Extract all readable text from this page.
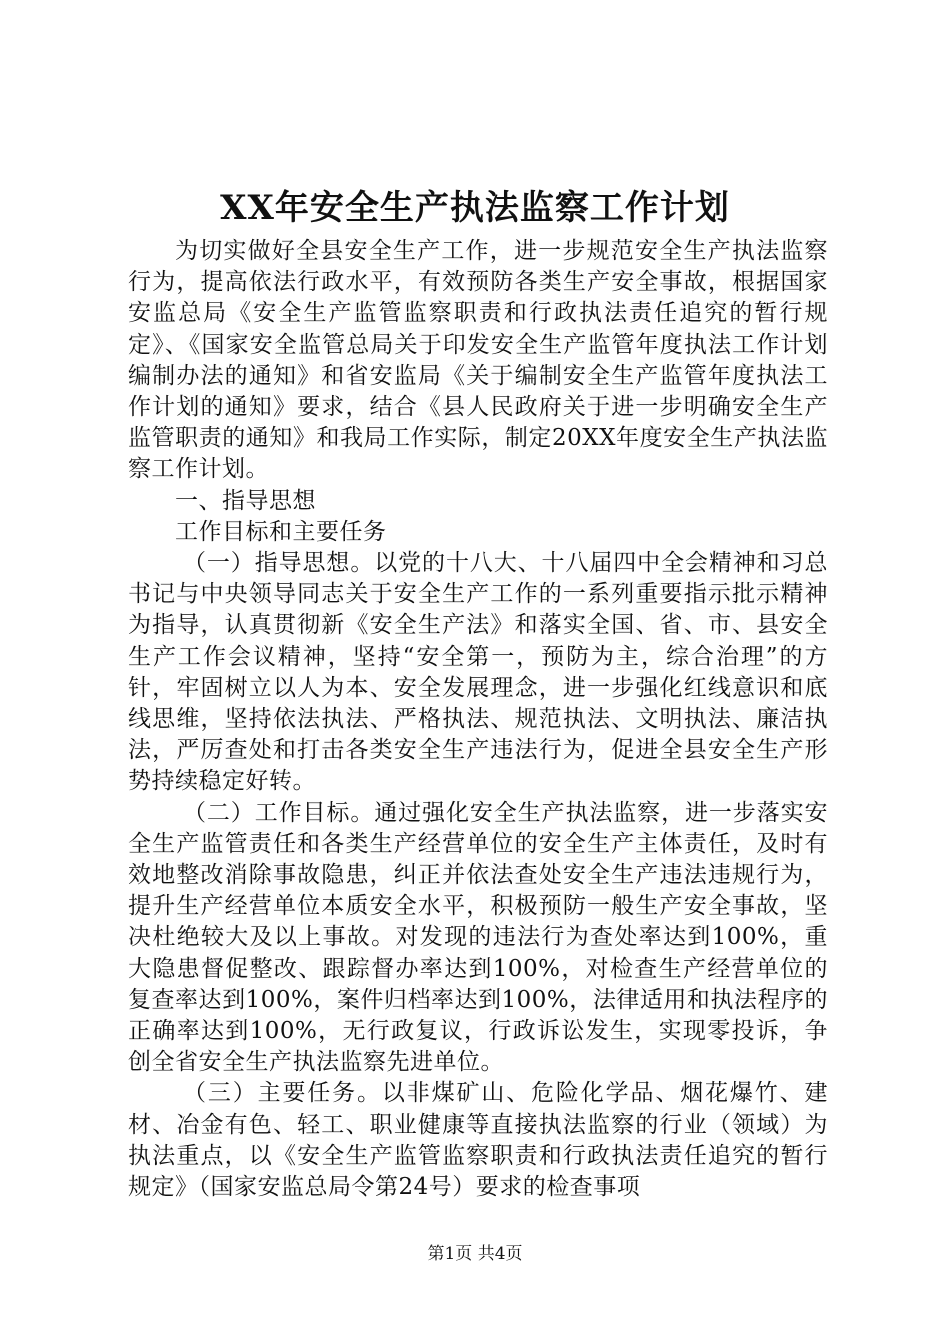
XX年安全生产执法监察工作计划

为切实做好全县安全生产工作，进一步规范安全生产执法监察行为，提高依法行政水平，有效预防各类生产安全事故，根据国家安监总局《安全生产监管监察职责和行政执法责任追究的暂行规定》、《国家安全监管总局关于印发安全生产监管年度执法工作计划编制办法的通知》和省安监局《关于编制安全生产监管年度执法工作计划的通知》要求，结合《县人民政府关于进一步明确安全生产监管职责的通知》和我局工作实际，制定20XX年度安全生产执法监察工作计划。

一、指导思想

工作目标和主要任务

（一）指导思想。以党的十八大、十八届四中全会精神和习总书记与中央领导同志关于安全生产工作的一系列重要指示批示精神为指导，认真贯彻新《安全生产法》和落实全国、省、市、县安全生产工作会议精神，坚持“安全第一，预防为主，综合治理”的方针，牢固树立以人为本、安全发展理念，进一步强化红线意识和底线思维，坚持依法执法、严格执法、规范执法、文明执法、廉洁执法，严厉查处和打击各类安全生产违法行为，促进全县安全生产形势持续稳定好转。

（二）工作目标。通过强化安全生产执法监察，进一步落实安全生产监管责任和各类生产经营单位的安全生产主体责任，及时有效地整改消除事故隐患，纠正并依法查处安全生产违法违规行为，提升生产经营单位本质安全水平，积极预防一般生产安全事故，坚决杜绝较大及以上事故。对发现的违法行为查处率达到100%，重大隐患督促整改、跟踪督办率达到100%，对检查生产经营单位的复查率达到100%，案件归档率达到100%，法律适用和执法程序的正确率达到100%，无行政复议，行政诉讼发生，实现零投诉，争创全省安全生产执法监察先进单位。

（三）主要任务。以非煤矿山、危险化学品、烟花爆竹、建材、冶金有色、轻工、职业健康等直接执法监察的行业（领域）为执法重点，以《安全生产监管监察职责和行政执法责任追究的暂行规定》（国家安监总局令第24号）要求的检查事项

第1页 共4页
